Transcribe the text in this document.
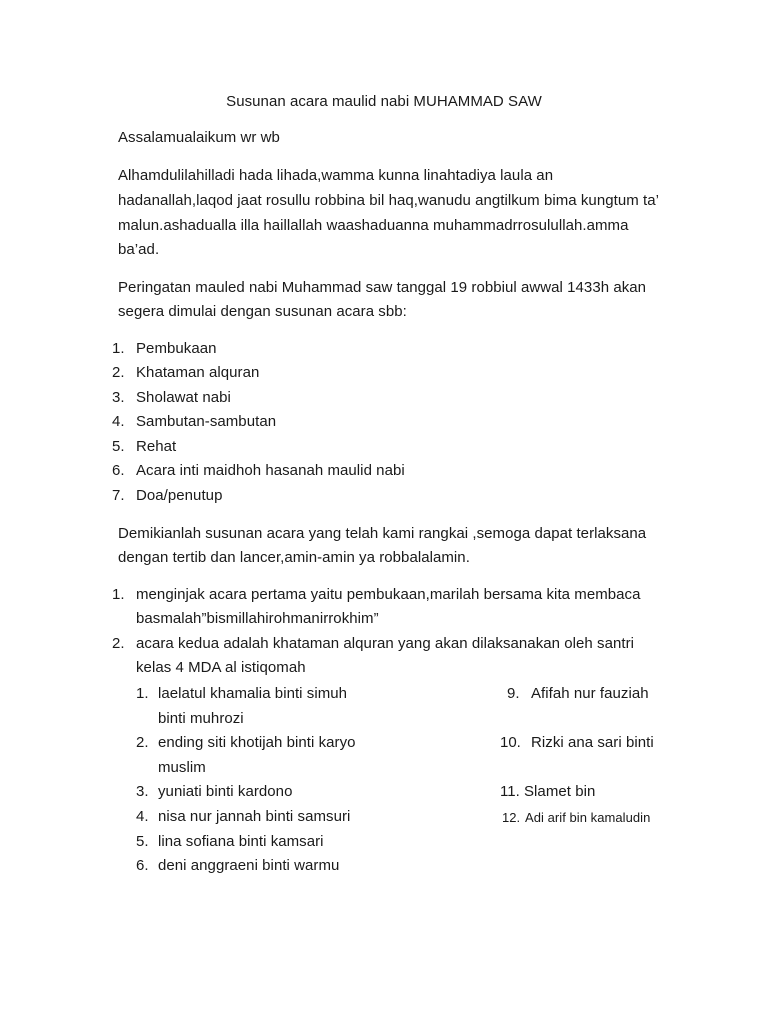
Susunan acara maulid nabi MUHAMMAD SAW
Assalamualaikum wr wb
Alhamdulilahilladi hada lihada,wamma kunna linahtadiya laula an
hadanallah,laqod jaat rosullu robbina bil haq,wanudu angtilkum bima kungtum ta’
malun.ashadualla illa haillallah waashaduanna muhammadrrosulullah.amma
ba’ad.
Peringatan mauled nabi Muhammad saw tanggal 19 robbiul awwal 1433h akan
segera dimulai dengan susunan acara sbb:
1. Pembukaan
2. Khataman alquran
3. Sholawat nabi
4. Sambutan-sambutan
5. Rehat
6. Acara inti maidhoh hasanah maulid nabi
7. Doa/penutup
Demikianlah susunan acara yang telah kami rangkai ,semoga dapat terlaksana
dengan tertib dan lancer,amin-amin ya robbalalamin.
1. menginjak acara pertama yaitu pembukaan,marilah bersama kita membaca
basmalah”bismillahirohmanirrokhim”
2. acara kedua adalah khataman alquran yang akan dilaksanakan oleh santri
kelas 4 MDA al istiqomah
1. laelatul khamalia binti simuh
binti muhrozi
2. ending siti khotijah binti karyo
muslim
3. yuniati binti kardono
4. nisa nur jannah binti samsuri
5. lina sofiana binti kamsari
6. deni anggraeni binti warmu
9. Afifah nur fauziah
10. Rizki ana sari binti
11. Slamet bin
12. Adi arif bin kamaludin
